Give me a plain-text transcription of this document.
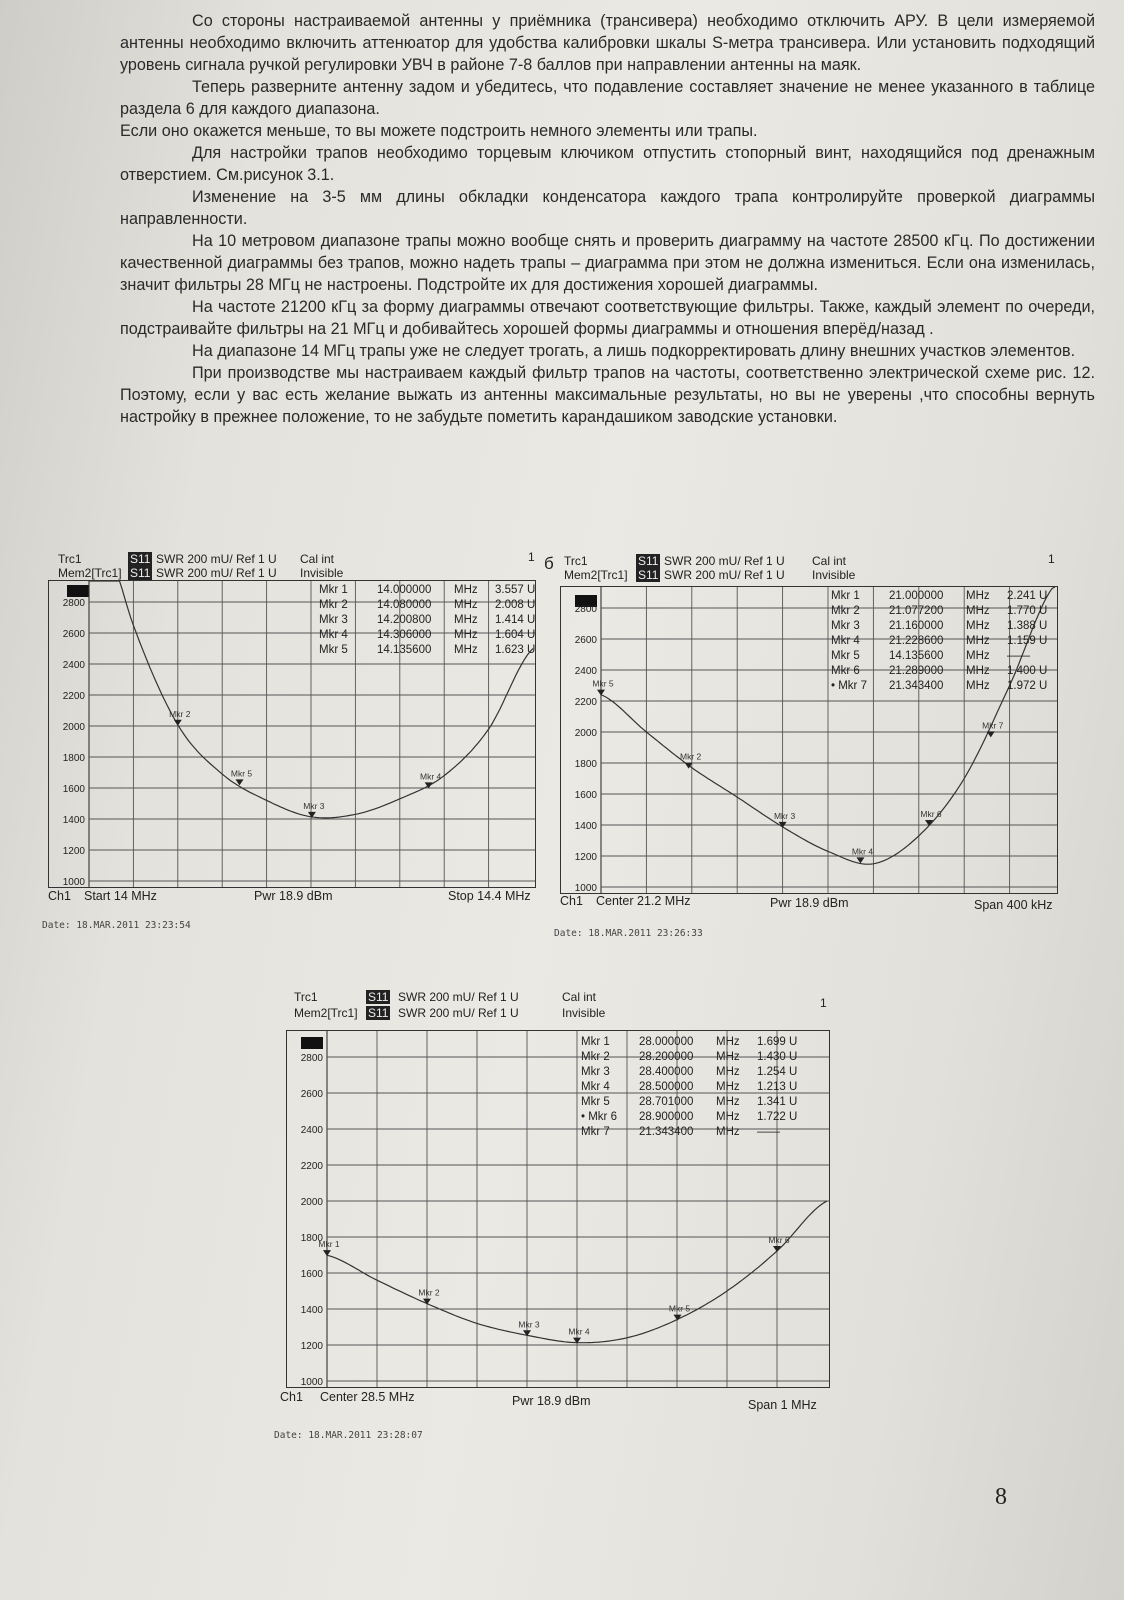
Со стороны настраиваемой антенны у приёмника (трансивера) необходимо отключить АРУ. В цели измеряемой антенны необходимо включить аттенюатор для удобства калибровки шкалы S-метра трансивера. Или установить подходящий уровень сигнала ручкой регулировки УВЧ в районе 7-8 баллов при направлении антенны на маяк.

Теперь разверните антенну задом и убедитесь, что подавление составляет значение не менее указанного в таблице раздела 6 для каждого диапазона.

Если оно окажется меньше, то вы можете подстроить немного элементы или трапы.

Для настройки трапов необходимо торцевым ключиком отпустить стопорный винт, находящийся под дренажным отверстием. См.рисунок 3.1.

Изменение на 3-5 мм длины обкладки конденсатора каждого трапа контролируйте проверкой диаграммы направленности.

На 10 метровом диапазоне трапы можно вообще снять и проверить диаграмму на частоте 28500 кГц. По достижении качественной диаграммы без трапов, можно надеть трапы – диаграмма при этом не должна измениться. Если она изменилась, значит фильтры 28 МГц не настроены. Подстройте их для достижения хорошей диаграммы.

На частоте 21200 кГц за форму диаграммы отвечают соответствующие фильтры. Также, каждый элемент по очереди, подстраивайте фильтры на 21 МГц и добивайтесь хорошей формы диаграммы и отношения вперёд/назад .

На диапазоне 14 МГц трапы уже не следует трогать, а лишь подкорректировать длину внешних участков элементов.

При производстве мы настраиваем каждый фильтр трапов на частоты, соответственно электрической схеме рис. 12. Поэтому, если у вас есть желание выжать из антенны максимальные результаты, но вы не уверены ,что способны вернуть настройку в прежнее положение, то не забудьте пометить карандашиком заводские установки.

Trc1
Mem2[Trc1]
S11
S11
SWR 200 mU/ Ref 1 U
SWR 200 mU/ Ref 1 U
Cal int
Invisible
1
2800
2600
2400
2200
2000
1800
1600
1400
1200
1000
Mkr 2
Mkr 5
Mkr 3
Mkr 4
Mkr 1	14.000000 MHz 3.557 U
Mkr 2	14.080000 MHz 2.008 U
Mkr 3	14.200800 MHz 1.414 U
Mkr 4	14.306000 MHz 1.604 U
Mkr 5	14.135600 MHz 1.623 U
Ch1 Start 14 MHz	Pwr 18.9 dBm	Stop 14.4 MHz
Date: 18.MAR.2011 23:23:54
б Trc1
Mem2[Trc1]
S11
S11
SWR 200 mU/ Ref 1 U
SWR 200 mU/ Ref 1 U
Cal int
Invisible
1
2800
2600
2400
2200
2000
1800
1600
1400
1200
1000
Mkr 5
Mkr 2
Mkr 3
Mkr 4
Mkr 6
Mkr 7
Mkr 1	21.000000 MHz 2.241 U
Mkr 2	21.077200 MHz 1.770 U
Mkr 3	21.160000 MHz 1.388 U
Mkr 4	21.228600 MHz 1.159 U
Mkr 5	14.135600 MHz ——
Mkr 6	21.289000 MHz 1.400 U
• Mkr 7 21.343400 MHz 1.972 U
Ch1 Center 21.2 MHz	Pwr 18.9 dBm	Span 400 kHz
Date: 18.MAR.2011 23:26:33
Trc1
Mem2[Trc1]
S11
S11
SWR 200 mU/ Ref 1 U
SWR 200 mU/ Ref 1 U
Cal int
Invisible
1
2800
2600
2400
2200
2000
1800
1600
1400
1200
1000
Mkr 1
Mkr 2
Mkr 3
Mkr 4
Mkr 5
Mkr 6
Mkr 1	28.000000 MHz 1.699 U
Mkr 2	28.200000 MHz 1.430 U
Mkr 3	28.400000 MHz 1.254 U
Mkr 4	28.500000 MHz 1.213 U
Mkr 5	28.701000 MHz 1.341 U
• Mkr 6 28.900000 MHz 1.722 U
Mkr 7	21.343400 MHz ——
Ch1 Center 28.5 MHz	Pwr 18.9 dBm	Span 1 MHz
Date: 18.MAR.2011 23:28:07
8
